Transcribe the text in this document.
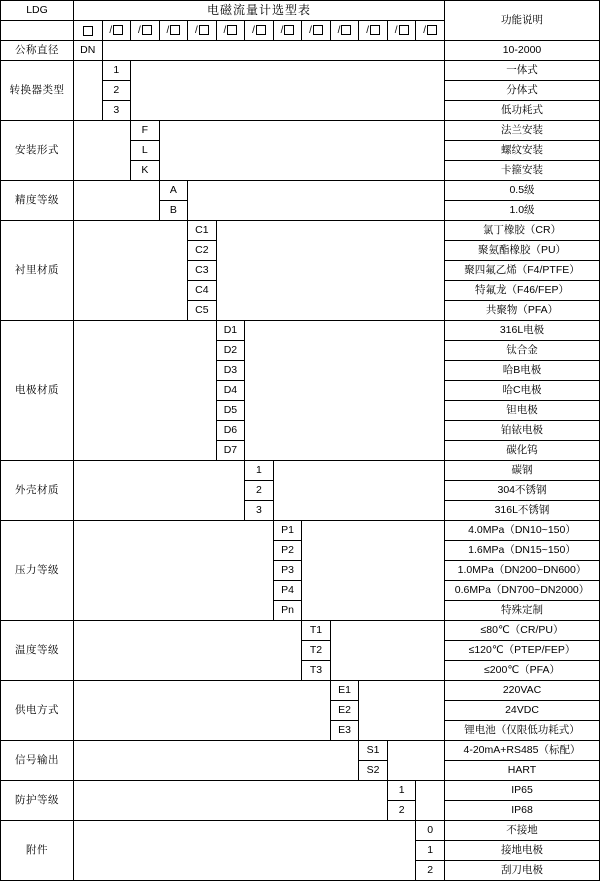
LDG	电磁流量计选型表													功能说明
		/	/	/	/	/	/	/	/	/	/	/	/	
公称直径	DN													10-2000
转换器类型		1												一体式
		2												分体式
		3												低功耗式
安装形式			F											法兰安装
			L											螺纹安装
			K											卡箍安装
精度等级				A										0.5级
				B										1.0级
衬里材质					C1									氯丁橡胶（CR）
					C2									聚氨酯橡胶（PU）
					C3									聚四氟乙烯（F4/PTFE）
					C4									特氟龙（F46/FEP）
					C5									共聚物（PFA）
电极材质						D1								316L电极
						D2								钛合金
						D3								哈B电极
						D4								哈C电极
						D5								钽电极
						D6								铂铱电极
						D7								碳化钨
外壳材质							1							碳钢
							2							304不锈钢
							3							316L不锈钢
压力等级								P1						4.0MPa（DN10~150）
								P2						1.6MPa（DN15~150）
								P3						1.0MPa（DN200~DN600）
								P4						0.6MPa（DN700~DN2000）
								Pn						特殊定制
温度等级									T1					≤80℃（CR/PU）
									T2					≤120℃（PTEP/FEP）
									T3					≤200℃（PFA）
供电方式										E1				220VAC
										E2				24VDC
										E3				锂电池（仅限低功耗式）
信号输出											S1			4-20mA+RS485（标配）
											S2			HART
防护等级												1		IP65
												2		IP68
附件													0	不接地
													1	接地电极
													2	刮刀电极
